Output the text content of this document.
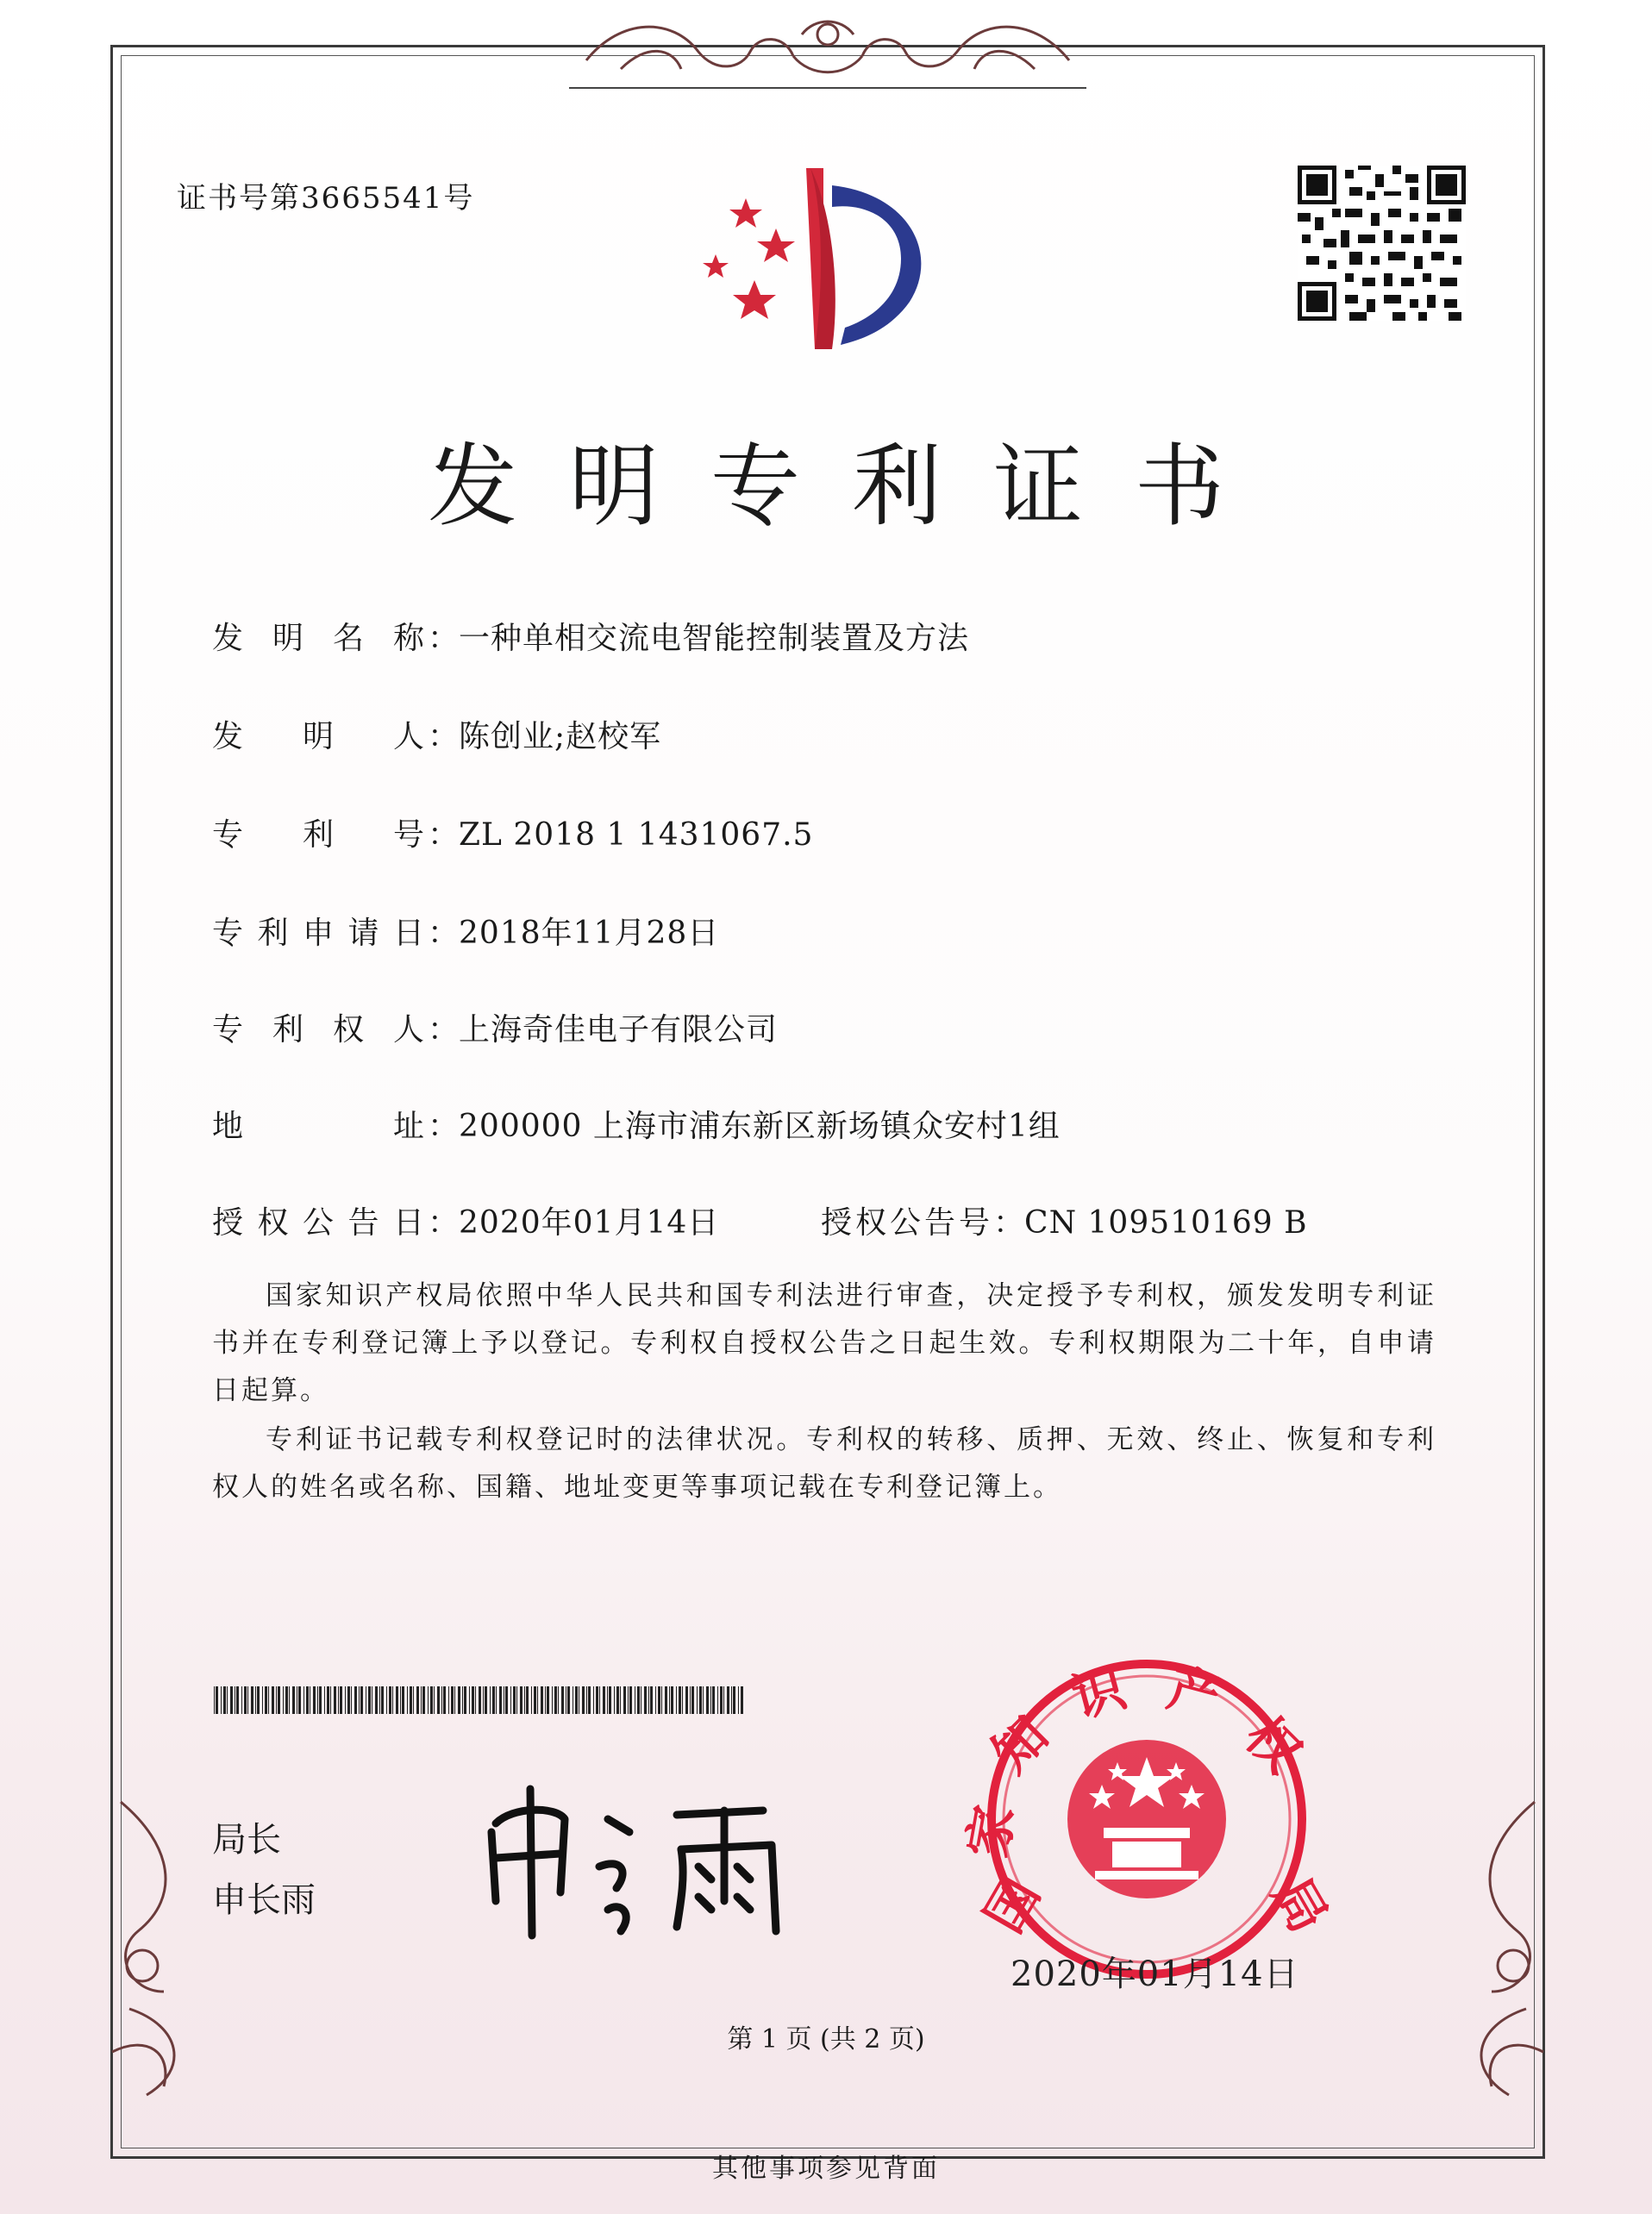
证书号第3665541号
发明专利证书
发明名称：一种单相交流电智能控制装置及方法
发明人：陈创业;赵校军
专利号：ZL 2018 1 1431067.5
专利申请日：2018年11月28日
专利权人：上海奇佳电子有限公司
地址：200000 上海市浦东新区新场镇众安村1组
授权公告日：2020年01月14日	授权公告号：CN 109510169 B
国家知识产权局依照中华人民共和国专利法进行审查，决定授予专利权，颁发发明专利证书并在专利登记簿上予以登记。专利权自授权公告之日起生效。专利权期限为二十年，自申请日起算。
专利证书记载专利权登记时的法律状况。专利权的转移、质押、无效、终止、恢复和专利权人的姓名或名称、国籍、地址变更等事项记载在专利登记簿上。
局长
申长雨	国
家
知
识 产
权
局
2020年01月14日
第 1 页 (共 2 页)
其他事项参见背面
